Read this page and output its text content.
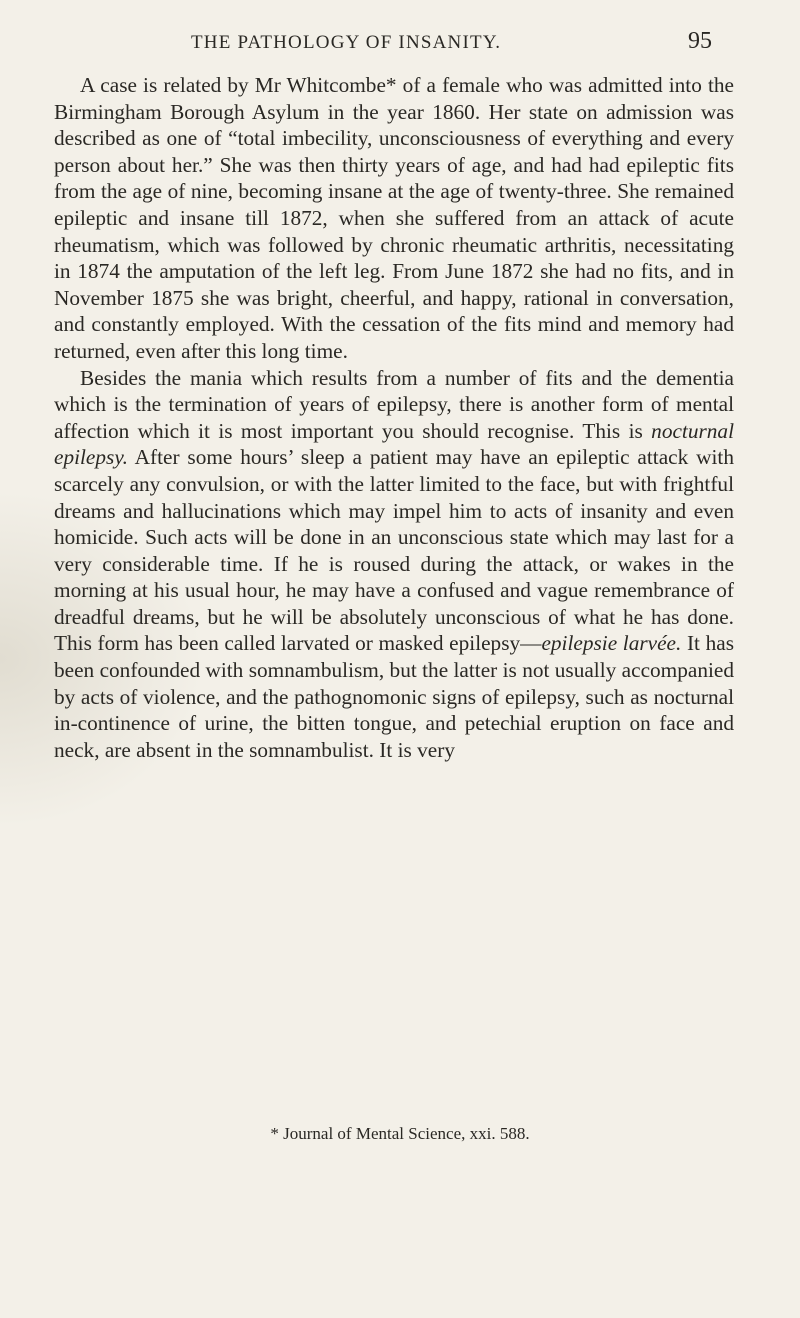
THE PATHOLOGY OF INSANITY.	95

A case is related by Mr Whitcombe* of a female who was admitted into the Birmingham Borough Asylum in the year 1860. Her state on admission was described as one of “total imbecility, unconsciousness of everything and every person about her.” She was then thirty years of age, and had had epileptic fits from the age of nine, becoming insane at the age of twenty-three. She remained epileptic and insane till 1872, when she suffered from an attack of acute rheumatism, which was followed by chronic rheumatic arthritis, necessitating in 1874 the amputation of the left leg. From June 1872 she had no fits, and in November 1875 she was bright, cheerful, and happy, rational in conversation, and constantly employed. With the cessation of the fits mind and memory had returned, even after this long time.

Besides the mania which results from a number of fits and the dementia which is the termination of years of epilepsy, there is another form of mental affection which it is most important you should recognise. This is nocturnal epilepsy. After some hours’ sleep a patient may have an epileptic attack with scarcely any convulsion, or with the latter limited to the face, but with frightful dreams and hallucinations which may impel him to acts of insanity and even homicide. Such acts will be done in an unconscious state which may last for a very considerable time. If he is roused during the attack, or wakes in the morning at his usual hour, he may have a confused and vague remembrance of dreadful dreams, but he will be absolutely unconscious of what he has done. This form has been called larvated or masked epilepsy—epilepsie larvée. It has been confounded with somnambulism, but the latter is not usually accompanied by acts of violence, and the pathognomonic signs of epilepsy, such as nocturnal in-continence of urine, the bitten tongue, and petechial eruption on face and neck, are absent in the somnambulist. It is very

* Journal of Mental Science, xxi. 588.
